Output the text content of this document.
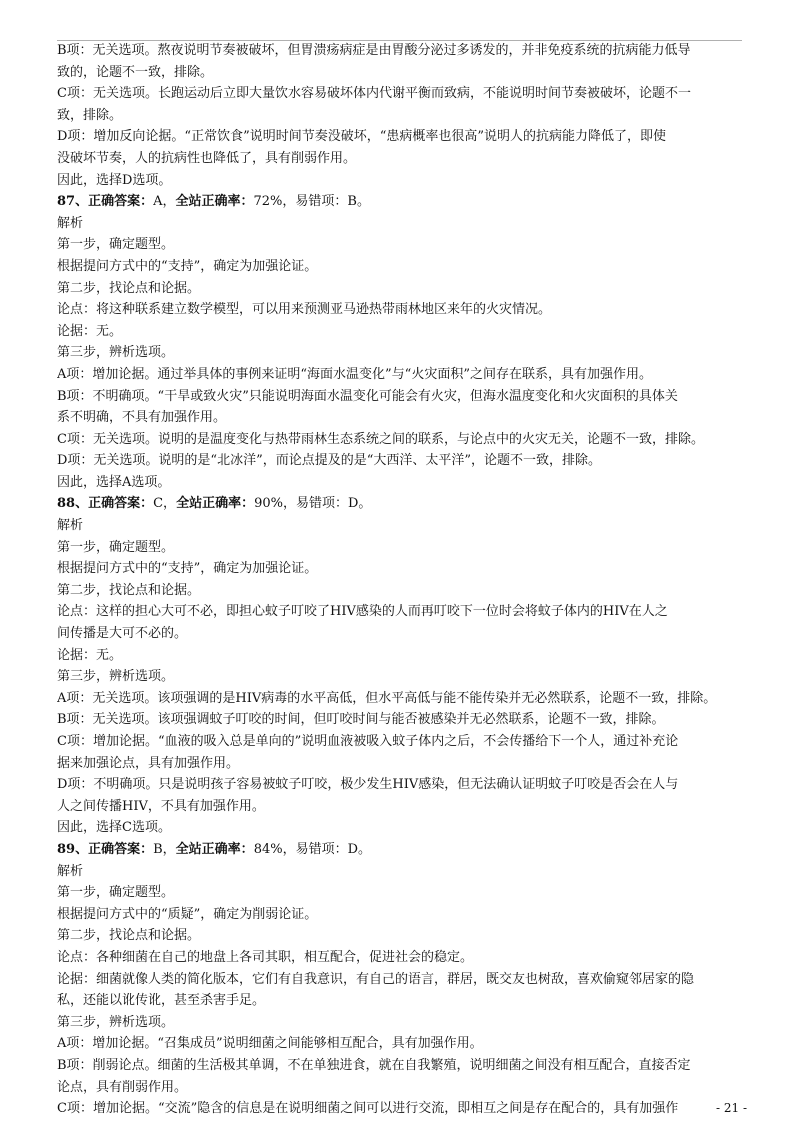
B项：无关选项。熬夜说明节奏被破坏，但胃溃疡病症是由胃酸分泌过多诱发的，并非免疫系统的抗病能力低导
致的，论题不一致，排除。
C项：无关选项。长跑运动后立即大量饮水容易破坏体内代谢平衡而致病，不能说明时间节奏被破坏，论题不一
致，排除。
D项：增加反向论据。“正常饮食”说明时间节奏没破坏，“患病概率也很高”说明人的抗病能力降低了，即使
没破坏节奏，人的抗病性也降低了，具有削弱作用。
因此，选择D选项。
87、正确答案：A，全站正确率：72%，易错项：B。
解析
第一步，确定题型。
根据提问方式中的“支持”，确定为加强论证。
第二步，找论点和论据。
论点：将这种联系建立数学模型，可以用来预测亚马逊热带雨林地区来年的火灾情况。
论据：无。
第三步，辨析选项。
A项：增加论据。通过举具体的事例来证明“海面水温变化”与“火灾面积”之间存在联系，具有加强作用。
B项：不明确项。“干旱或致火灾”只能说明海面水温变化可能会有火灾，但海水温度变化和火灾面积的具体关
系不明确，不具有加强作用。
C项：无关选项。说明的是温度变化与热带雨林生态系统之间的联系，与论点中的火灾无关，论题不一致，排除。
D项：无关选项。说明的是“北冰洋”，而论点提及的是“大西洋、太平洋”，论题不一致，排除。
因此，选择A选项。
88、正确答案：C，全站正确率：90%，易错项：D。
解析
第一步，确定题型。
根据提问方式中的“支持”，确定为加强论证。
第二步，找论点和论据。
论点：这样的担心大可不必，即担心蚊子叮咬了HIV感染的人而再叮咬下一位时会将蚊子体内的HIV在人之
间传播是大可不必的。
论据：无。
第三步，辨析选项。
A项：无关选项。该项强调的是HIV病毒的水平高低，但水平高低与能不能传染并无必然联系，论题不一致，排除。
B项：无关选项。该项强调蚊子叮咬的时间，但叮咬时间与能否被感染并无必然联系，论题不一致，排除。
C项：增加论据。“血液的吸入总是单向的”说明血液被吸入蚊子体内之后，不会传播给下一个人，通过补充论
据来加强论点，具有加强作用。
D项：不明确项。只是说明孩子容易被蚊子叮咬，极少发生HIV感染，但无法确认证明蚊子叮咬是否会在人与
人之间传播HIV，不具有加强作用。
因此，选择C选项。
89、正确答案：B，全站正确率：84%，易错项：D。
解析
第一步，确定题型。
根据提问方式中的“质疑”，确定为削弱论证。
第二步，找论点和论据。
论点：各种细菌在自己的地盘上各司其职，相互配合，促进社会的稳定。
论据：细菌就像人类的简化版本，它们有自我意识，有自己的语言，群居，既交友也树敌，喜欢偷窥邻居家的隐
私，还能以讹传讹，甚至杀害手足。
第三步，辨析选项。
A项：增加论据。“召集成员”说明细菌之间能够相互配合，具有加强作用。
B项：削弱论点。细菌的生活极其单调，不在单独进食，就在自我繁殖，说明细菌之间没有相互配合，直接否定
论点，具有削弱作用。
C项：增加论据。“交流”隐含的信息是在说明细菌之间可以进行交流，即相互之间是存在配合的，具有加强作	- 21 -
